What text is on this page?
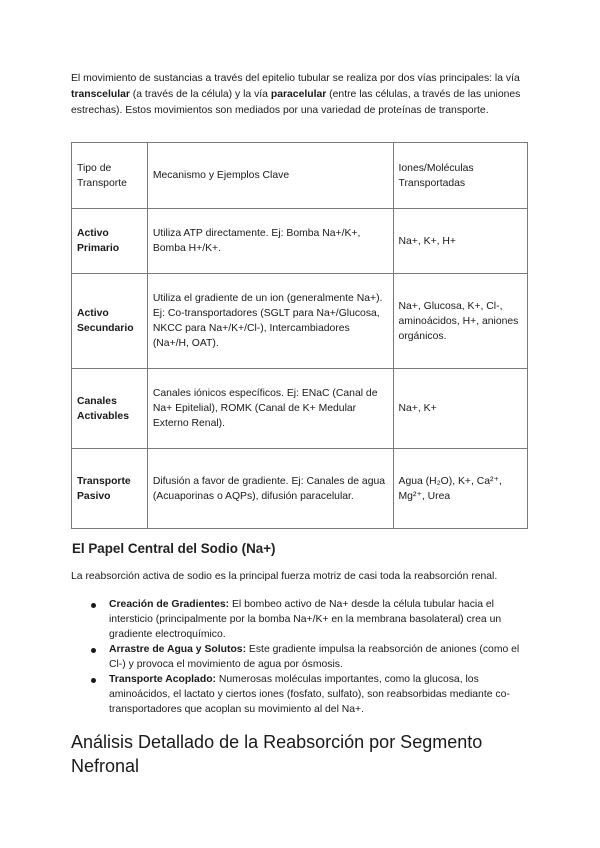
El movimiento de sustancias a través del epitelio tubular se realiza por dos vías principales: la vía transcelular (a través de la célula) y la vía paracelular (entre las células, a través de las uniones estrechas). Estos movimientos son mediados por una variedad de proteínas de transporte.

Tipo de Transporte	Mecanismo y Ejemplos Clave	Iones/Moléculas Transportadas
Activo Primario	Utiliza ATP directamente. Ej: Bomba Na+/K+, Bomba H+/K+.	Na+, K+, H+
Activo Secundario	Utiliza el gradiente de un ion (generalmente Na+). Ej: Co-transportadores (SGLT para Na+/Glucosa, NKCC para Na+/K+/Cl-), Intercambiadores (Na+/H, OAT).	Na+, Glucosa, K+, Cl-, aminoácidos, H+, aniones orgánicos.
Canales Activables	Canales iónicos específicos. Ej: ENaC (Canal de Na+ Epitelial), ROMK (Canal de K+ Medular Externo Renal).	Na+, K+
Transporte Pasivo	Difusión a favor de gradiente. Ej: Canales de agua (Acuaporinas o AQPs), difusión paracelular.	Agua (H₂O), K+, Ca²⁺, Mg²⁺, Urea
El Papel Central del Sodio (Na+)

La reabsorción activa de sodio es la principal fuerza motriz de casi toda la reabsorción renal.

Creación de Gradientes: El bombeo activo de Na+ desde la célula tubular hacia el intersticio (principalmente por la bomba Na+/K+ en la membrana basolateral) crea un gradiente electroquímico.
Arrastre de Agua y Solutos: Este gradiente impulsa la reabsorción de aniones (como el Cl-) y provoca el movimiento de agua por ósmosis.
Transporte Acoplado: Numerosas moléculas importantes, como la glucosa, los aminoácidos, el lactato y ciertos iones (fosfato, sulfato), son reabsorbidas mediante co-transportadores que acoplan su movimiento al del Na+.
Análisis Detallado de la Reabsorción por Segmento Nefronal
